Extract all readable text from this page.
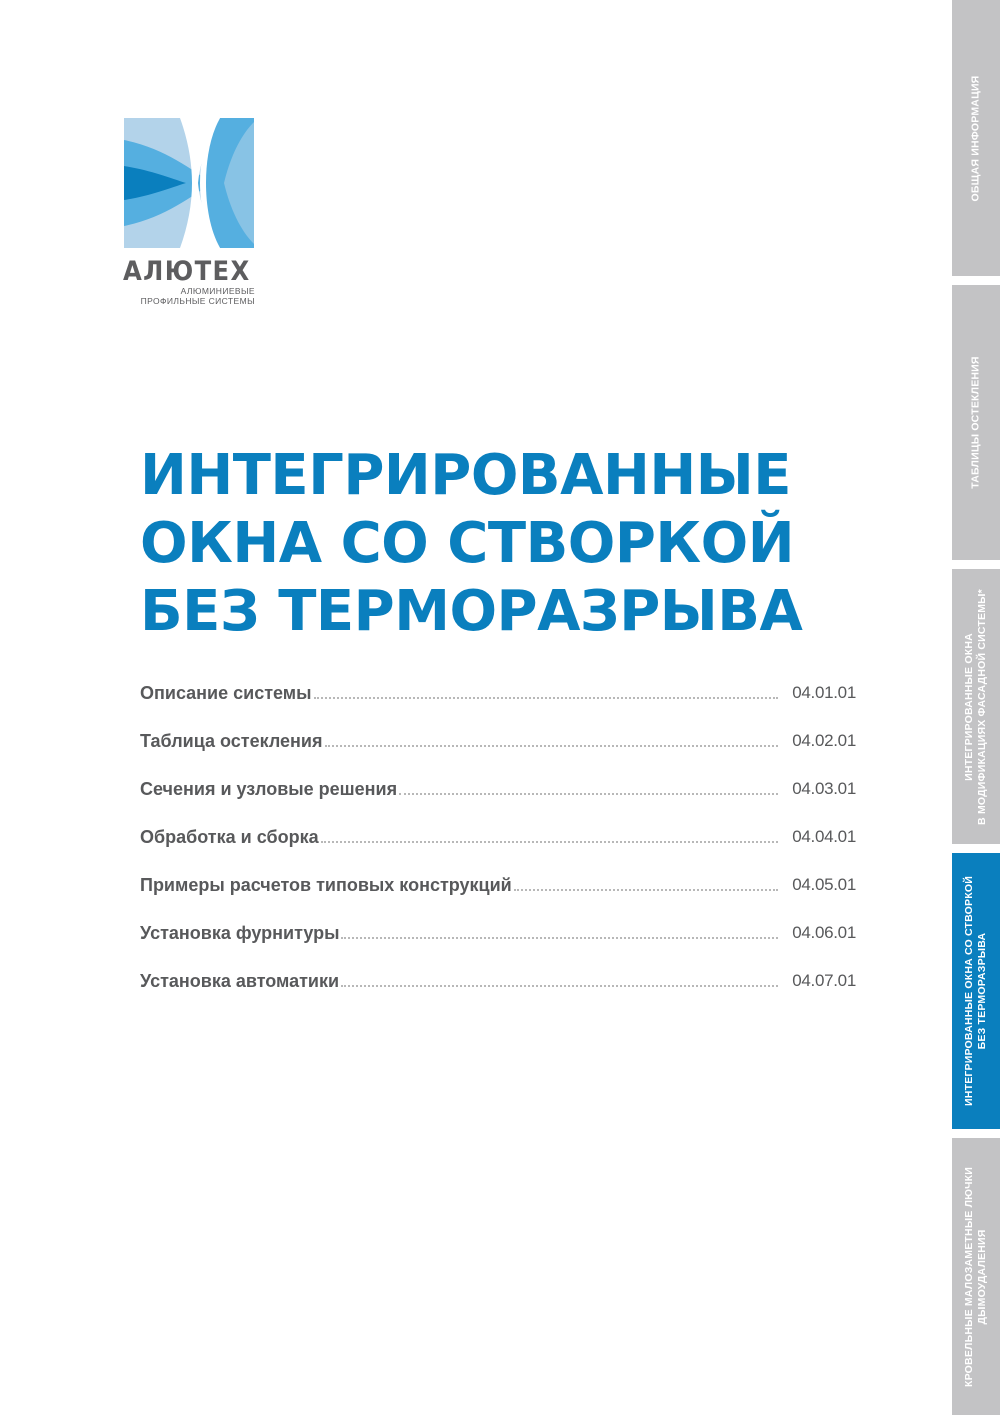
АЛЮТЕХ
АЛЮМИНИЕВЫЕ
ПРОФИЛЬНЫЕ СИСТЕМЫ
ИНТЕГРИРОВАННЫЕ
ОКНА СО СТВОРКОЙ
БЕЗ ТЕРМОРАЗРЫВА
Описание системы	04.01.01
Таблица остекления	04.02.01
Сечения и узловые решения	04.03.01
Обработка и сборка	04.04.01
Примеры расчетов типовых конструкций	04.05.01
Установка фурнитуры	04.06.01
Установка автоматики	04.07.01
ОБЩАЯ ИНФОРМАЦИЯ
ТАБЛИЦЫ ОСТЕКЛЕНИЯ
ИНТЕГРИРОВАННЫЕ ОКНА В МОДИФИКАЦИЯХ ФАСАДНОЙ СИСТЕМЫ*
ИНТЕГРИРОВАННЫЕ ОКНА СО СТВОРКОЙ БЕЗ ТЕРМОРАЗРЫВА
КРОВЕЛЬНЫЕ МАЛОЗАМЕТНЫЕ ЛЮЧКИ ДЫМОУДАЛЕНИЯ
